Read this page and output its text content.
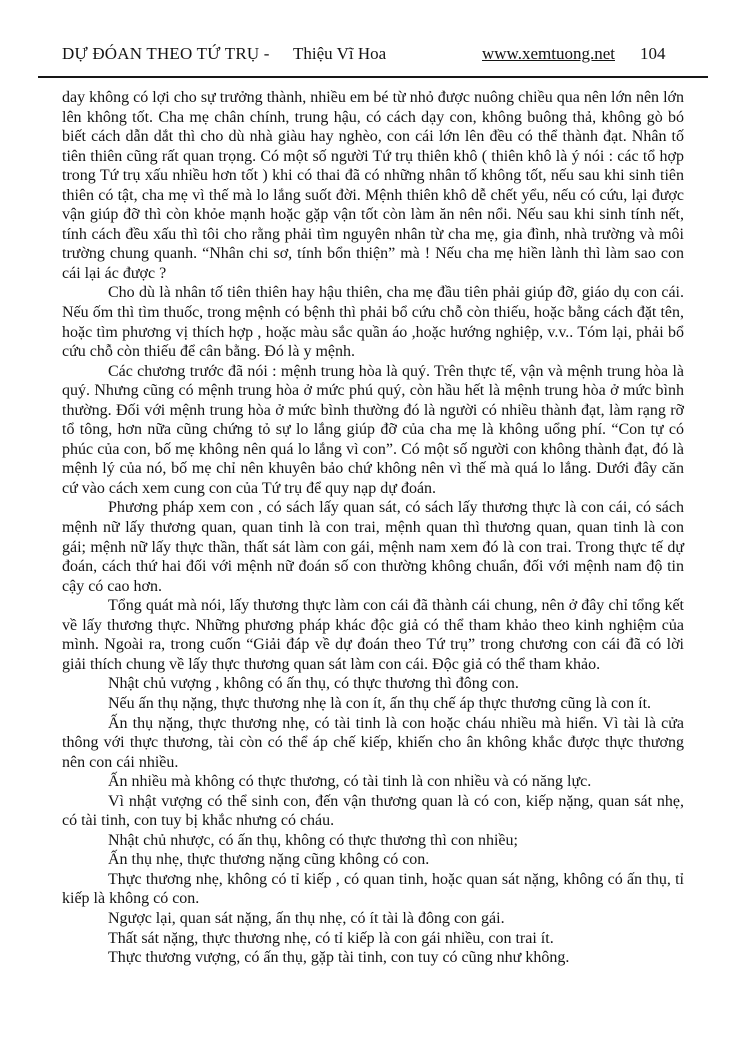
DỰ ĐÓAN THEO TỨ TRỤ - Thiệu Vĩ Hoa	www.xemtuong.net 104

day không có lợi cho sự trưởng thành, nhiều em bé từ nhỏ được nuông chiều qua nên lớn nên lớn lên không tốt. Cha mẹ chân chính, trung hậu, có cách dạy con, không buông thả, không gò bó biết cách dẫn dắt thì cho dù nhà giàu hay nghèo, con cái lớn lên đều có thể thành đạt. Nhân tố tiên thiên cũng rất quan trọng. Có một số người Tứ trụ thiên khô ( thiên khô là ý nói : các tổ hợp trong Tứ trụ xấu nhiều hơn tốt ) khi có thai đã có những nhân tố không tốt, nếu sau khi sinh tiên thiên có tật, cha mẹ vì thế mà lo lắng suốt đời. Mệnh thiên khô dễ chết yểu, nếu có cứu, lại được vận giúp đỡ thì còn khỏe mạnh hoặc gặp vận tốt còn làm ăn nên nổi. Nếu sau khi sinh tính nết, tính cách đều xấu thì tôi cho rằng phải tìm nguyên nhân từ cha mẹ, gia đình, nhà trường và môi trường chung quanh. “Nhân chi sơ, tính bổn thiện” mà ! Nếu cha mẹ hiền lành thì làm sao con cái lại ác được ?

Cho dù là nhân tố tiên thiên hay hậu thiên, cha mẹ đầu tiên phải giúp đỡ, giáo dụ con cái. Nếu ốm thì tìm thuốc, trong mệnh có bệnh thì phải bổ cứu chỗ còn thiếu, hoặc bằng cách đặt tên, hoặc tìm phương vị thích hợp , hoặc màu sắc quần áo ,hoặc hướng nghiệp, v.v.. Tóm lại, phải bổ cứu chỗ còn thiếu để cân bằng. Đó là y mệnh.

Các chương trước đã nói : mệnh trung hòa là quý. Trên thực tế, vận và mệnh trung hòa là quý. Nhưng cũng có mệnh trung hòa ở mức phú quý, còn hầu hết là mệnh trung hòa ở mức bình thường. Đối với mệnh trung hòa ở mức bình thường đó là người có nhiều thành đạt, làm rạng rỡ tổ tông, hơn nữa cũng chứng tỏ sự lo lắng giúp đỡ của cha mẹ là không uổng phí. “Con tự có phúc của con, bố mẹ không nên quá lo lắng vì con”. Có một số người con không thành đạt, đó là mệnh lý của nó, bố mẹ chỉ nên khuyên bảo chứ không nên vì thế mà quá lo lắng. Dưới đây căn cứ vào cách xem cung con của Tứ trụ để quy nạp dự đoán.

Phương pháp xem con , có sách lấy quan sát, có sách lấy thương thực là con cái, có sách mệnh nữ lấy thương quan, quan tinh là con trai, mệnh quan thì thương quan, quan tinh là con gái; mệnh nữ lấy thực thần, thất sát làm con gái, mệnh nam xem đó là con trai. Trong thực tế dự đoán, cách thứ hai đối với mệnh nữ đoán số con thường không chuẩn, đối với mệnh nam độ tin cậy có cao hơn.

Tổng quát mà nói, lấy thương thực làm con cái đã thành cái chung, nên ở đây chỉ tổng kết về lấy thương thực. Những phương pháp khác độc giả có thể tham khảo theo kinh nghiệm của mình. Ngoài ra, trong cuốn “Giải đáp về dự đoán theo Tứ trụ” trong chương con cái đã có lời giải thích chung về lấy thực thương quan sát làm con cái. Độc giả có thể tham khảo.

Nhật chủ vượng , không có ấn thụ, có thực thương thì đông con.

Nếu ấn thụ nặng, thực thương nhẹ là con ít, ấn thụ chế áp thực thương cũng là con ít.

Ấn thụ nặng, thực thương nhẹ, có tài tinh là con hoặc cháu nhiều mà hiển. Vì tài là cửa thông với thực thương, tài còn có thể áp chế kiếp, khiến cho ân không khắc được thực thương nên con cái nhiều.

Ấn nhiều mà không có thực thương, có tài tinh là con nhiều và có năng lực.

Vì nhật vượng có thể sinh con, đến vận thương quan là có con, kiếp nặng, quan sát nhẹ, có tài tinh, con tuy bị khắc nhưng có cháu.

Nhật chủ nhược, có ấn thụ, không có thực thương thì con nhiều;

Ấn thụ nhẹ, thực thương nặng cũng không có con.

Thực thương nhẹ, không có tỉ kiếp , có quan tinh, hoặc quan sát nặng, không có ấn thụ, tỉ kiếp là không có con.

Ngược lại, quan sát nặng, ấn thụ nhẹ, có ít tài là đông con gái.

Thất sát nặng, thực thương nhẹ, có tỉ kiếp là con gái nhiều, con trai ít.

Thực thương vượng, có ấn thụ, gặp tài tinh, con tuy có cũng như không.
